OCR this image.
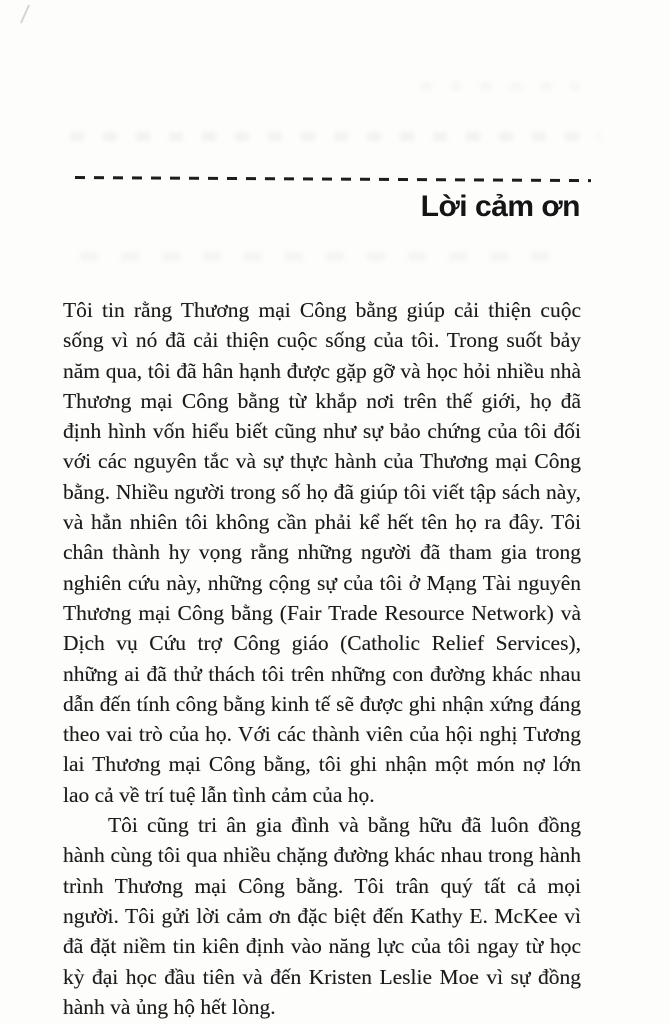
Lời cảm ơn

Tôi tin rằng Thương mại Công bằng giúp cải thiện cuộc sống vì nó đã cải thiện cuộc sống của tôi. Trong suốt bảy năm qua, tôi đã hân hạnh được gặp gỡ và học hỏi nhiều nhà Thương mại Công bằng từ khắp nơi trên thế giới, họ đã định hình vốn hiểu biết cũng như sự bảo chứng của tôi đối với các nguyên tắc và sự thực hành của Thương mại Công bằng. Nhiều người trong số họ đã giúp tôi viết tập sách này, và hẳn nhiên tôi không cần phải kể hết tên họ ra đây. Tôi chân thành hy vọng rằng những người đã tham gia trong nghiên cứu này, những cộng sự của tôi ở Mạng Tài nguyên Thương mại Công bằng (Fair Trade Resource Network) và Dịch vụ Cứu trợ Công giáo (Catholic Relief Services), những ai đã thử thách tôi trên những con đường khác nhau dẫn đến tính công bằng kinh tế sẽ được ghi nhận xứng đáng theo vai trò của họ. Với các thành viên của hội nghị Tương lai Thương mại Công bằng, tôi ghi nhận một món nợ lớn lao cả về trí tuệ lẫn tình cảm của họ.

Tôi cũng tri ân gia đình và bằng hữu đã luôn đồng hành cùng tôi qua nhiều chặng đường khác nhau trong hành trình Thương mại Công bằng. Tôi trân quý tất cả mọi người. Tôi gửi lời cảm ơn đặc biệt đến Kathy E. McKee vì đã đặt niềm tin kiên định vào năng lực của tôi ngay từ học kỳ đại học đầu tiên và đến Kristen Leslie Moe vì sự đồng hành và ủng hộ hết lòng.
